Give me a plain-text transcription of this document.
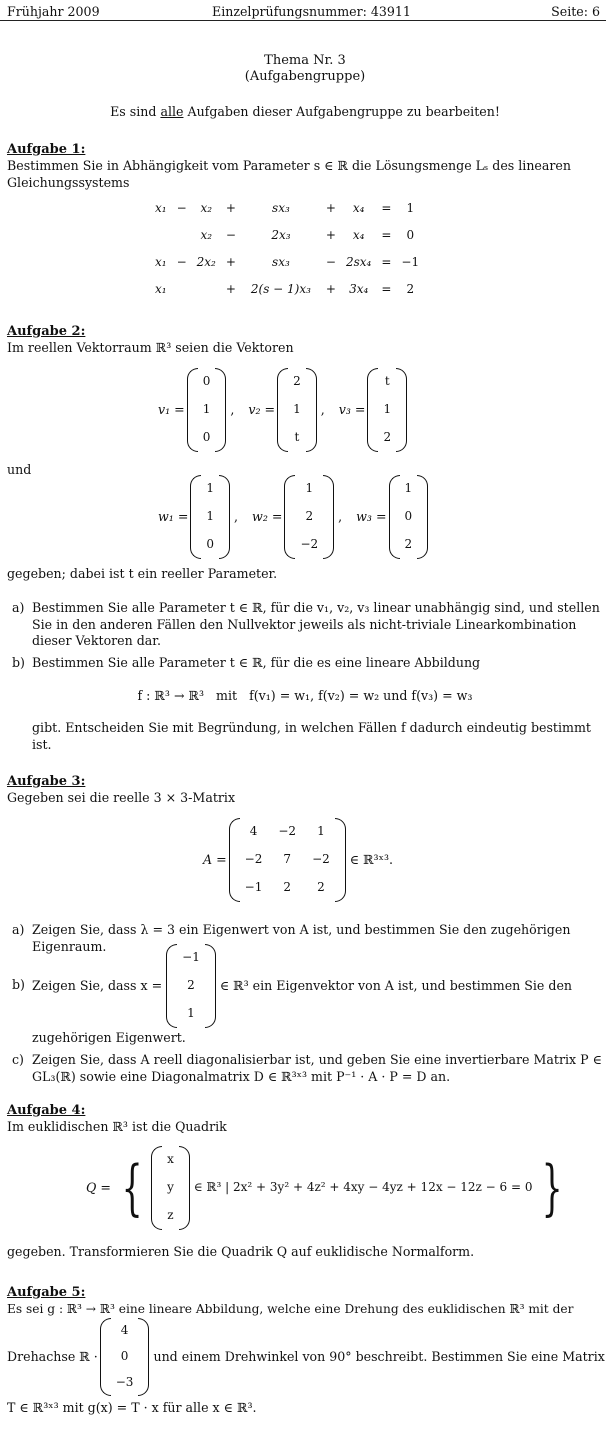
Frühjahr 2009	Einzelprüfungsnummer: 43911	Seite: 6
Thema Nr. 3
(Aufgabengruppe)
Es sind alle Aufgaben dieser Aufgabengruppe zu bearbeiten!
Aufgabe 1:
Bestimmen Sie in Abhängigkeit vom Parameter s ∈ ℝ die Lösungsmenge Lₛ des linearen Gleichungssystems
x₁	−	x₂	+	sx₃	+	x₄	=	1
		x₂	−	2x₃	+	x₄	=	0
x₁	−	2x₂	+	sx₃	−	2sx₄	=	−1
x₁			+	2(s − 1)x₃	+	3x₄	=	2
Aufgabe 2:
Im reellen Vektorraum ℝ³ seien die Vektoren
v₁ =
0
1
0
, v₂ =
2
1
t
, v₃ =
t
1
2
und
w₁ =
1
1
0
, w₂ =
1
2
−2
, w₃ =
1
0
2
gegeben; dabei ist t ein reeller Parameter.
a) Bestimmen Sie alle Parameter t ∈ ℝ, für die v₁, v₂, v₃ linear unabhängig sind, und stellen Sie in den anderen Fällen den Nullvektor jeweils als nicht-triviale Linearkombination dieser Vektoren dar.
b) Bestimmen Sie alle Parameter t ∈ ℝ, für die es eine lineare Abbildung
f : ℝ³ → ℝ³   mit   f(v₁) = w₁, f(v₂) = w₂ und f(v₃) = w₃
gibt. Entscheiden Sie mit Begründung, in welchen Fällen f dadurch eindeutig bestimmt ist.
Aufgabe 3:
Gegeben sei die reelle 3 × 3-Matrix
A =
4	−2	1
−2	7	−2
−1	2	2
∈ ℝ³ˣ³.
a) Zeigen Sie, dass λ = 3 ein Eigenwert von A ist, und bestimmen Sie den zugehörigen Eigenraum.
b) Zeigen Sie, dass x =
−1
2
1
∈ ℝ³ ein Eigenvektor von A ist, und bestimmen Sie den
zugehörigen Eigenwert.
c) Zeigen Sie, dass A reell diagonalisierbar ist, und geben Sie eine invertierbare Matrix P ∈ GL₃(ℝ) sowie eine Diagonalmatrix D ∈ ℝ³ˣ³ mit P⁻¹ · A · P = D an.
Aufgabe 4:
Im euklidischen ℝ³ ist die Quadrik
Q = { x
y
z
∈ ℝ³ | 2x² + 3y² + 4z² + 4xy − 4yz + 12x − 12z − 6 = 0 }
gegeben. Transformieren Sie die Quadrik Q auf euklidische Normalform.
Aufgabe 5:
Es sei g : ℝ³ → ℝ³ eine lineare Abbildung, welche eine Drehung des euklidischen ℝ³ mit der
Drehachse ℝ ·
4
0
−3
und einem Drehwinkel von 90° beschreibt. Bestimmen Sie eine Matrix
T ∈ ℝ³ˣ³ mit g(x) = T · x für alle x ∈ ℝ³.
